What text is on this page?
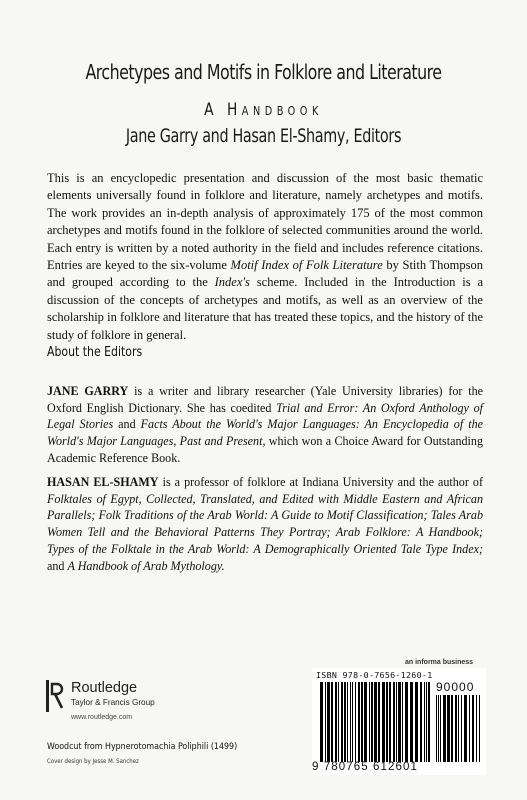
Archetypes and Motifs in Folklore and Literature
A Handbook
Jane Garry and Hasan El-Shamy, Editors
This is an encyclopedic presentation and discussion of the most basic thematic elements universally found in folklore and literature, namely archetypes and motifs. The work provides an in-depth analysis of approximately 175 of the most common archetypes and motifs found in the folklore of selected communities around the world. Each entry is written by a noted authority in the field and includes reference citations. Entries are keyed to the six-volume Motif Index of Folk Literature by Stith Thompson and grouped according to the Index's scheme. Included in the Introduction is a discussion of the concepts of archetypes and motifs, as well as an overview of the scholarship in folklore and literature that has treated these topics, and the history of the study of folklore in general.
About the Editors
JANE GARRY is a writer and library researcher (Yale University libraries) for the Oxford English Dictionary. She has coedited Trial and Error: An Oxford Anthology of Legal Stories and Facts About the World's Major Languages: An Encyclopedia of the World's Major Languages, Past and Present, which won a Choice Award for Outstanding Academic Reference Book.
HASAN EL-SHAMY is a professor of folklore at Indiana University and the author of Folktales of Egypt, Collected, Translated, and Edited with Middle Eastern and African Parallels; Folk Traditions of the Arab World: A Guide to Motif Classification; Tales Arab Women Tell and the Behavioral Patterns They Portray; Arab Folklore: A Handbook; Types of the Folktale in the Arab World: A Demographically Oriented Tale Type Index; and A Handbook of Arab Mythology.
Routledge
Taylor & Francis Group
www.routledge.com
Woodcut from Hypnerotomachia Poliphili (1499)
Cover design by Jesse M. Sanchez
an informa business
ISBN 978-0-7656-1260-1
90000
9 780765 612601
